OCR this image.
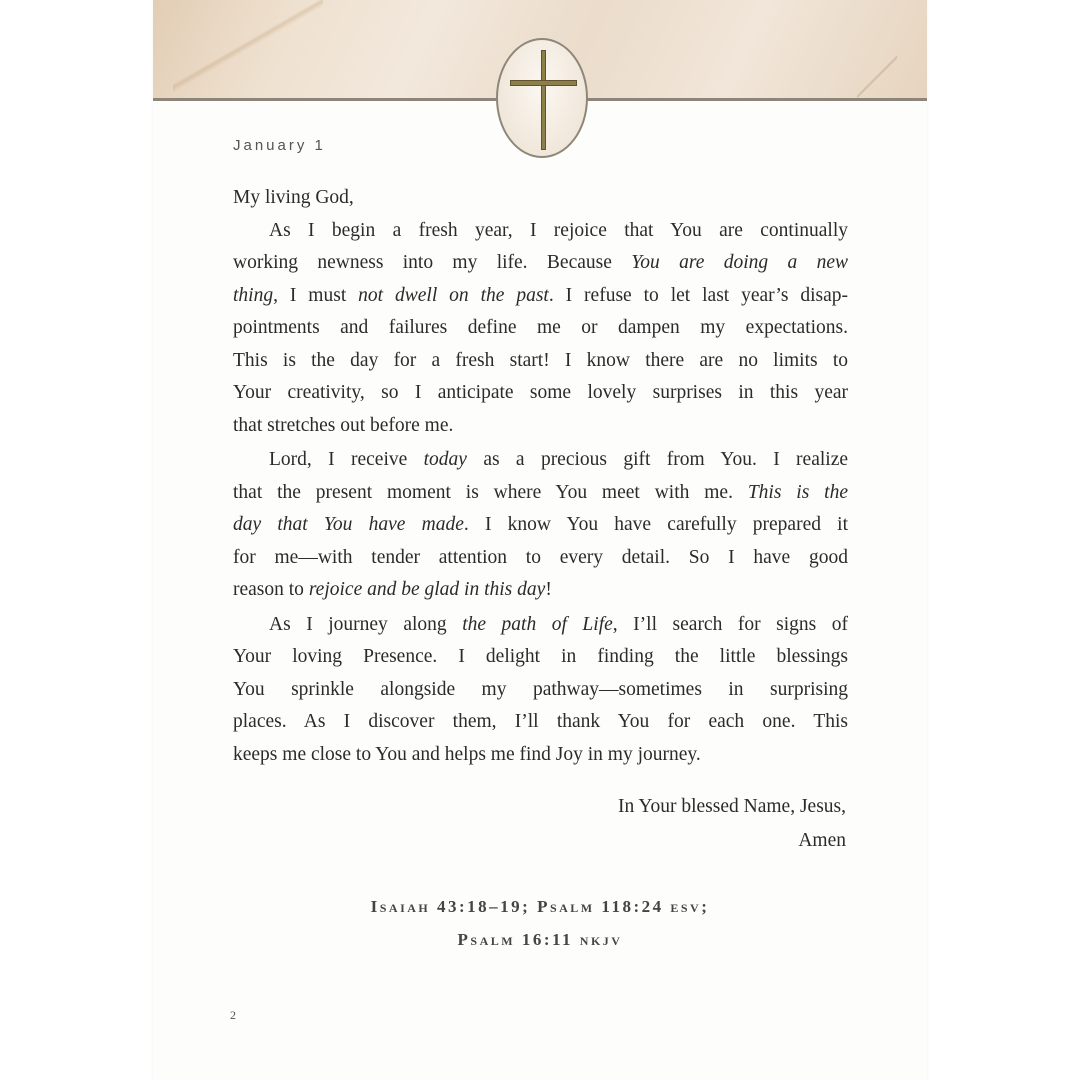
January 1
My living God,
As I begin a fresh year, I rejoice that You are continually
working newness into my life. Because You are doing a new
thing, I must not dwell on the past. I refuse to let last year’s disap-
pointments and failures define me or dampen my expectations.
This is the day for a fresh start! I know there are no limits to
Your creativity, so I anticipate some lovely surprises in this year
that stretches out before me.
Lord, I receive today as a precious gift from You. I realize
that the present moment is where You meet with me. This is the
day that You have made. I know You have carefully prepared it
for me—with tender attention to every detail. So I have good
reason to rejoice and be glad in this day!
As I journey along the path of Life, I’ll search for signs of
Your loving Presence. I delight in finding the little blessings
You sprinkle alongside my pathway—sometimes in surprising
places. As I discover them, I’ll thank You for each one. This
keeps me close to You and helps me find Joy in my journey.
In Your blessed Name, Jesus,
Amen
Isaiah 43:18–19; Psalm 118:24 esv;
Psalm 16:11 nkjv
2
